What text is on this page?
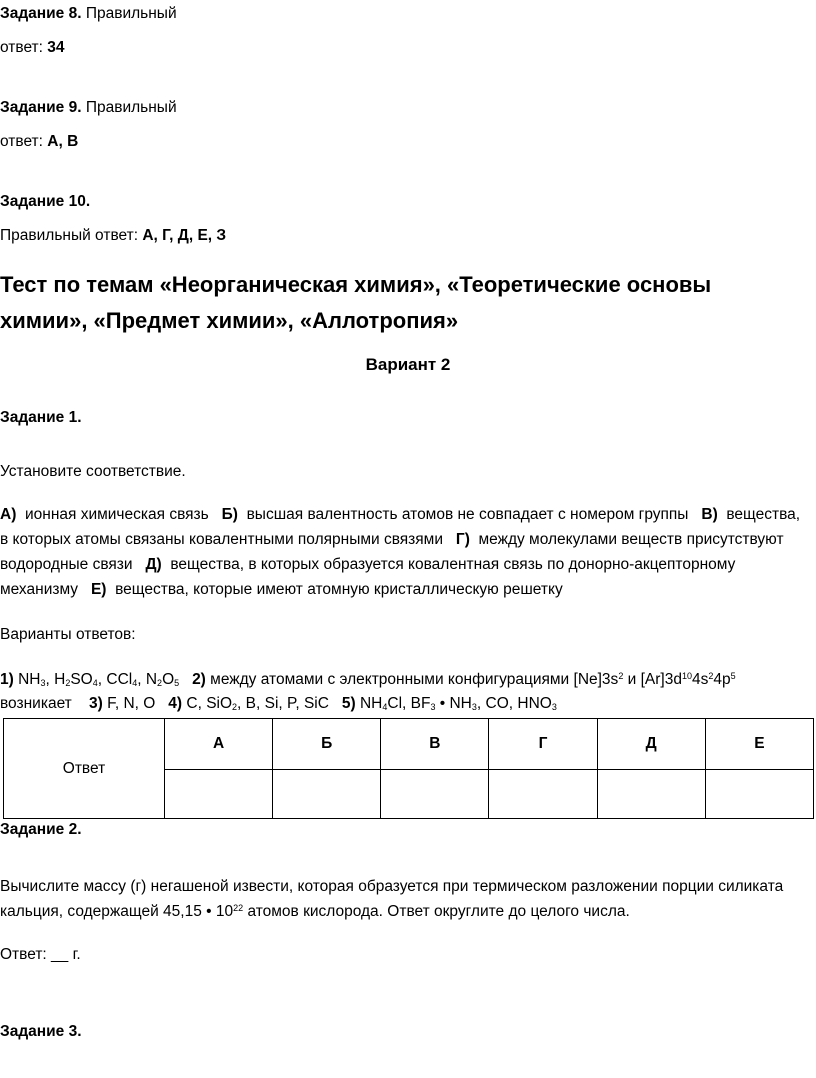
Задание 8. Правильный
ответ: 34
Задание 9. Правильный
ответ: А, В
Задание 10.
Правильный ответ: А, Г, Д, Е, З
Тест по темам «Неорганическая химия», «Теоретические основы
химии», «Предмет химии», «Аллотропия»
Вариант 2
Задание 1.
Установите соответствие.
А) ионная химическая связь Б) высшая валентность атомов не совпадает с номером группы В) вещества,
в которых атомы связаны ковалентными полярными связями Г) между молекулами веществ присутствуют
водородные связи Д) вещества, в которых образуется ковалентная связь по донорно-акцепторному
механизму Е) вещества, которые имеют атомную кристаллическую решетку
Варианты ответов:
1) $NH_3$, $H_2SO_4$, CCl$_4$, $N_2O_5$ 2) между атомами с электронными конфигурациями $[Ne]3s^2$ и $[Ar]3d^{10}4s^24p^5$
возникает 3) F, N, O 4) C, SiO$_2$, B, Si, P, SiC   5) $NH_4Cl$, $BF_3$ • $NH_3$, CO, $HNO_3$
Ответ	А	Б	В	Г	Д	Е

Задание 2.
Вычислите массу (г) негашеной извести, которая образуется при термическом разложении порции силиката
кальция, содержащей 45,15 • $10^{22}$ атомов кислорода. Ответ округлите до целого числа.
Ответ: __ г.
Задание 3.
